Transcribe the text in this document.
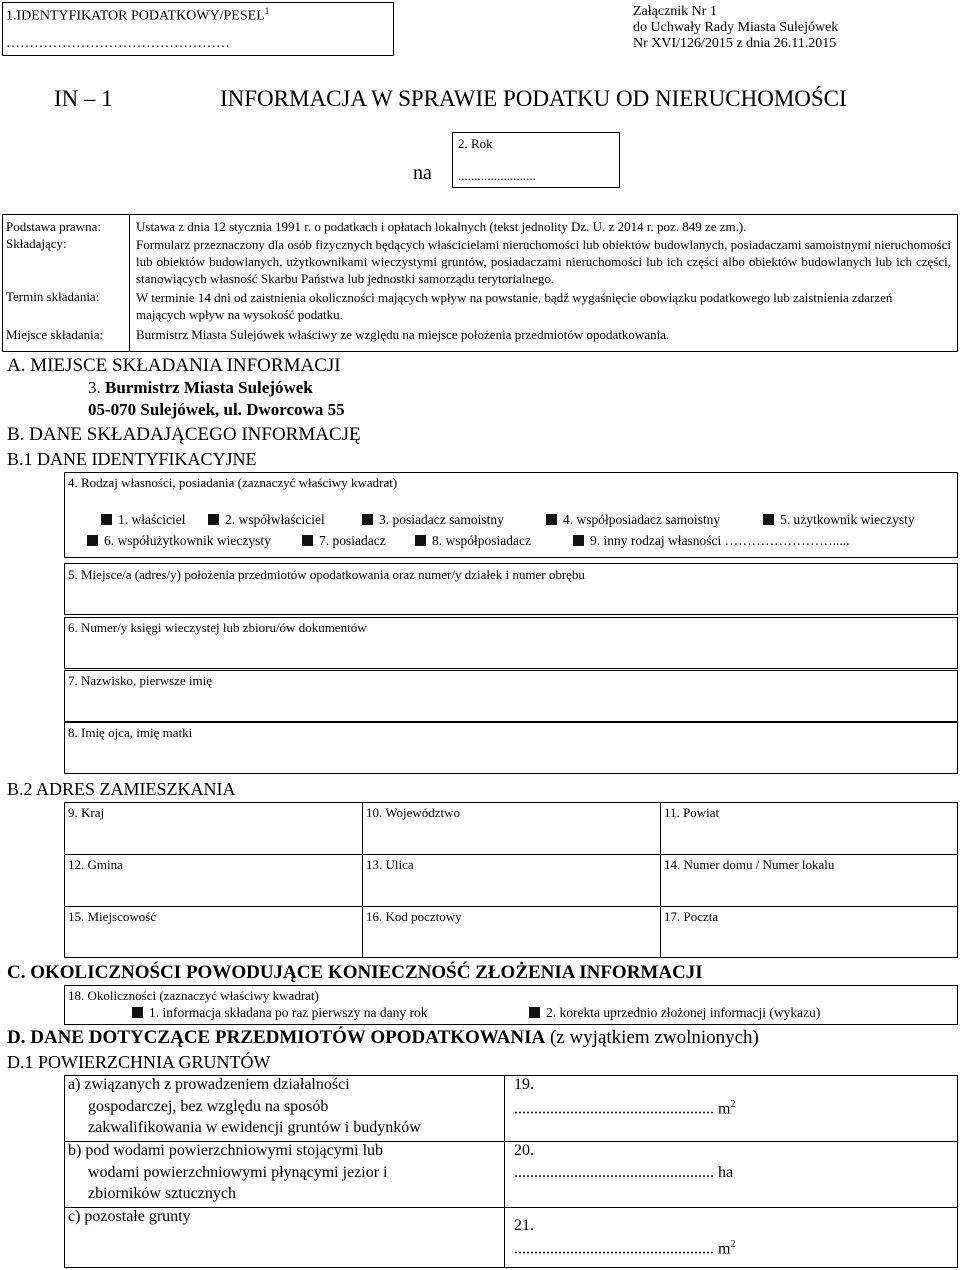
1.IDENTYFIKATOR PODATKOWY/PESEL$^1$
…………………………………………
Załącznik Nr 1
do Uchwały Rady Miasta Sulejówek
Nr XVI/126/2015 z dnia 26.11.2015
IN – 1	INFORMACJA W SPRAWIE PODATKU OD NIERUCHOMOŚCI
na
2. Rok
........................
Podstawa prawna:	Ustawa z dnia 12 stycznia 1991 r. o podatkach i opłatach lokalnych (tekst jednolity Dz. U. z 2014 r. poz. 849 ze zm.).
Składający:	Formularz przeznaczony dla osób fizycznych będących właścicielami nieruchomości lub obiektów budowlanych, posiadaczami samoistnymi nieruchomości lub obiektów budowlanych, użytkownikami wieczystymi gruntów, posiadaczami nieruchomości lub ich części albo obiektów budowlanych lub ich części, stanowiących własność Skarbu Państwa lub jednostki samorządu terytorialnego.
Termin składania:	W terminie 14 dni od zaistnienia okoliczności mających wpływ na powstanie, bądź wygaśnięcie obowiązku podatkowego lub zaistnienia zdarzeń mających wpływ na wysokość podatku.
Miejsce składania:	Burmistrz Miasta Sulejówek właściwy ze względu na miejsce położenia przedmiotów opodatkowania.
A. MIEJSCE SKŁADANIA INFORMACJI
3. Burmistrz Miasta Sulejówek
05-070 Sulejówek, ul. Dworcowa 55
B. DANE SKŁADAJĄCEGO INFORMACJĘ
B.1 DANE IDENTYFIKACYJNE
4. Rodzaj własności, posiadania (zaznaczyć właściwy kwadrat)
1. właściciel	2. współwłaściciel	3. posiadacz samoistny	4. współposiadacz samoistny	5. użytkownik wieczysty
6. współużytkownik wieczysty	7. posiadacz	8. współposiadacz	9. inny rodzaj własności …………………….....
5. Miejsce/a (adres/y) położenia przedmiotów opodatkowania oraz numer/y działek i numer obrębu
6. Numer/y księgi wieczystej lub zbioru/ów dokumentów
7. Nazwisko, pierwsze imię
8. Imię ojca, imię matki
B.2 ADRES ZAMIESZKANIA
9. Kraj	10. Województwo	11. Powiat
12. Gmina	13. Ulica	14. Numer domu / Numer lokalu
15. Miejscowość	16. Kod pocztowy	17. Poczta
C. OKOLICZNOŚCI POWODUJĄCE KONIECZNOŚĆ ZŁOŻENIA INFORMACJI
18. Okoliczności (zaznaczyć właściwy kwadrat)
1. informacja składana po raz pierwszy na dany rok	2. korekta uprzednio złożonej informacji (wykazu)
D. DANE DOTYCZĄCE PRZEDMIOTÓW OPODATKOWANIA (z wyjątkiem zwolnionych)
D.1 POWIERZCHNIA GRUNTÓW
a) związanych z prowadzeniem działalności
gospodarczej, bez względu na sposób
zakwalifikowania w ewidencji gruntów i budynków
19.
.................................................. $m^2$
b) pod wodami powierzchniowymi stojącymi lub
wodami powierzchniowymi płynącymi jezior i
zbiorników sztucznych
20.
.................................................. ha
c) pozostałe grunty
21.
.................................................. $m^2$
